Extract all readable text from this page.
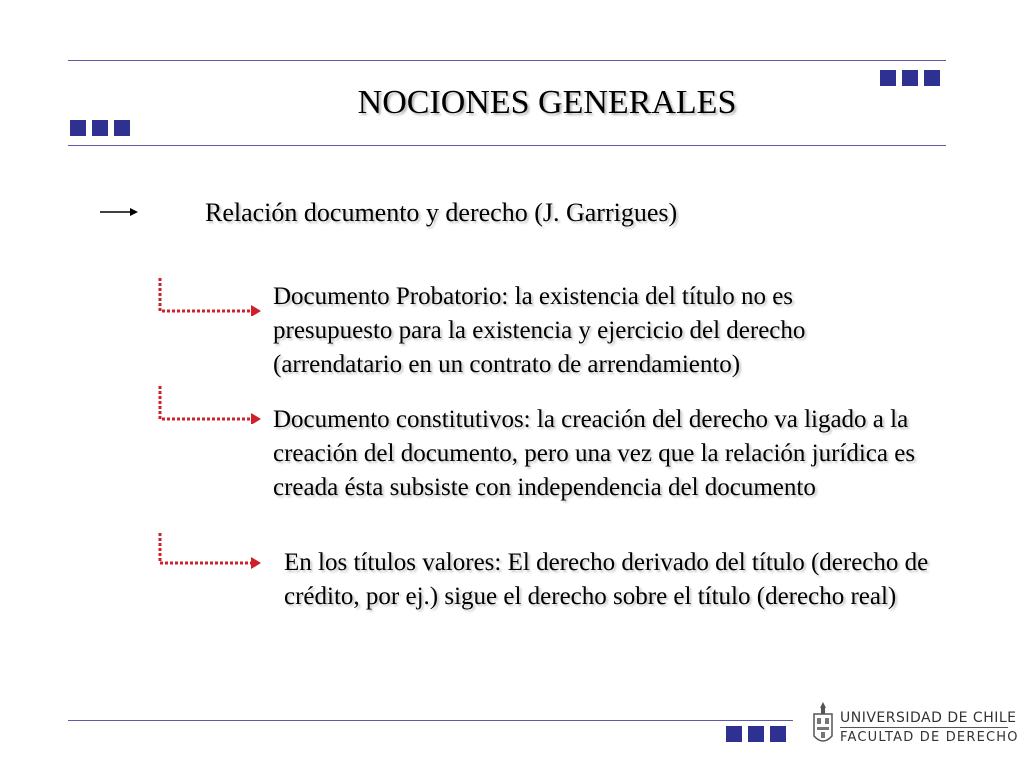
NOCIONES GENERALES
Relación documento y derecho (J. Garrigues)
Documento Probatorio: la existencia del título no es presupuesto para la existencia y ejercicio del derecho (arrendatario en un contrato de arrendamiento)
Documento constitutivos: la creación del derecho va ligado a la creación del documento, pero una vez que la relación jurídica es creada ésta subsiste con independencia del documento
En los títulos valores: El derecho derivado del título (derecho de crédito, por ej.) sigue el derecho sobre el título (derecho real)
UNIVERSIDAD DE CHILE
FACULTAD DE DERECHO
